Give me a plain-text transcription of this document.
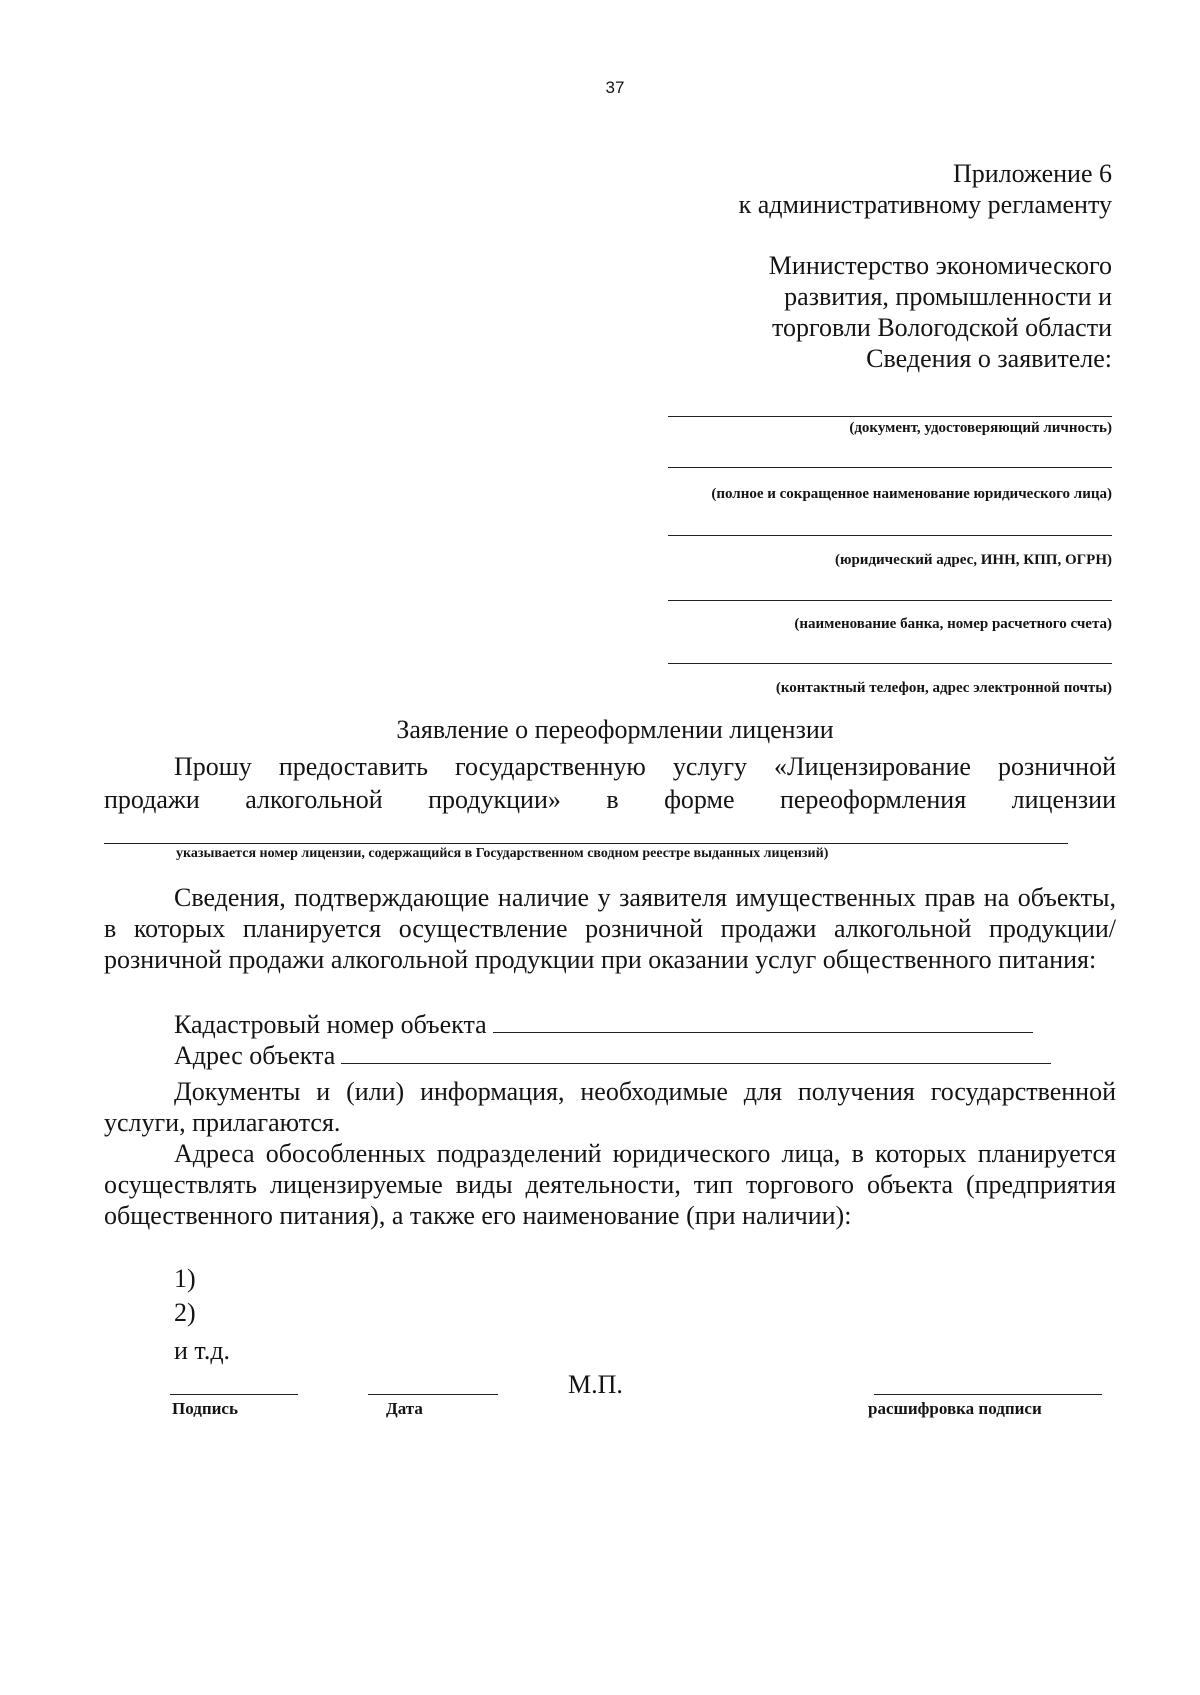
37
Приложение 6
к административному регламенту
Министерство экономического
развития, промышленности и
торговли Вологодской области
Сведения о заявителе:
(документ, удостоверяющий личность)
(полное и сокращенное наименование юридического лица)
(юридический адрес, ИНН, КПП, ОГРН)
(наименование банка, номер расчетного счета)
(контактный телефон, адрес электронной почты)
Заявление о переоформлении лицензии
Прошу предоставить государственную услугу «Лицензирование розничной
продажи алкогольной продукции» в форме переоформления лицензии
указывается номер лицензии, содержащийся в Государственном сводном реестре выданных лицензий)
Сведения, подтверждающие наличие у заявителя имущественных прав на объекты, в которых планируется осуществление розничной продажи алкогольной продукции/розничной продажи алкогольной продукции при оказании услуг общественного питания:
Кадастровый номер объекта
Адрес объекта
Документы и (или) информация, необходимые для получения государственной услуги, прилагаются.
Адреса обособленных подразделений юридического лица, в которых планируется осуществлять лицензируемые виды деятельности, тип торгового объекта (предприятия общественного питания), а также его наименование (при наличии):
1)
2)
и т.д.
М.П.
Подпись	Дата	расшифровка подписи
